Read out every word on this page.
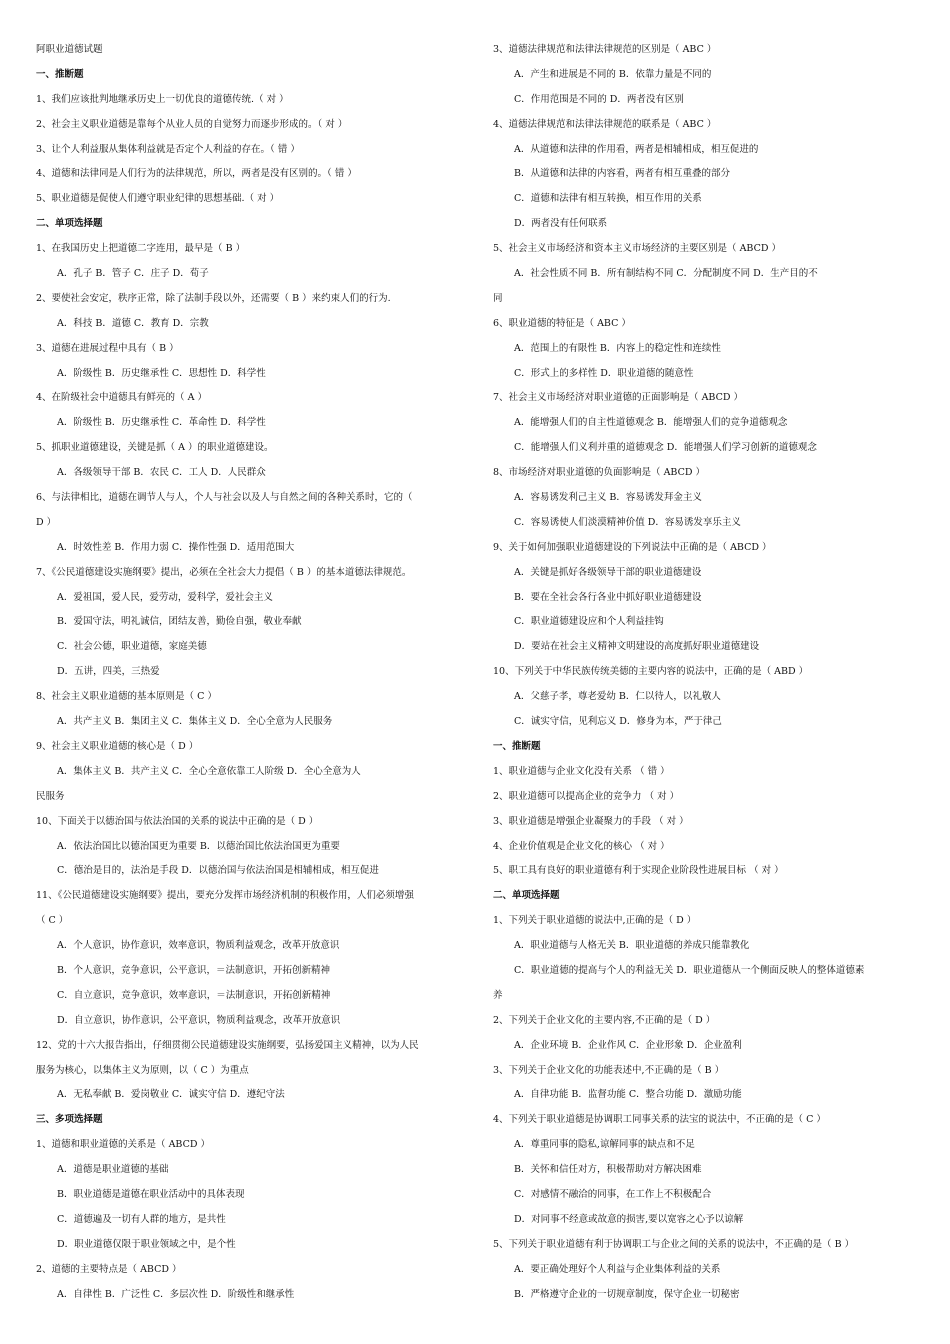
阿职业道德试题
一、推断题
1、我们应该批判地继承历史上一切优良的道德传统.（ 对 ）
2、社会主义职业道德是靠每个从业人员的自觉努力而逐步形成的。（ 对 ）
3、让个人利益服从集体利益就是否定个人利益的存在。（ 错 ）
4、道德和法律同是人们行为的法律规范，所以，两者是没有区别的。（ 错 ）
5、职业道德是促使人们遵守职业纪律的思想基础.（ 对 ）
二、单项选择题
1、在我国历史上把道德二字连用，最早是（ B ）
A．孔子 B．管子 C．庄子 D．荀子
2、要使社会安定，秩序正常，除了法制手段以外，还需要（ B ）来约束人们的行为.
A．科技 B．道德 C．教育 D．宗教
3、道德在进展过程中具有（ B ）
A．阶级性 B．历史继承性 C．思想性 D．科学性
4、在阶级社会中道德具有鲜亮的（ A ）
A．阶级性 B．历史继承性 C．革命性 D．科学性
5、抓职业道德建设，关键是抓（ A ）的职业道德建设。
A．各级领导干部 B．农民 C．工人 D．人民群众
6、与法律相比，道德在调节人与人，个人与社会以及人与自然之间的各种关系时，它的（
D ）
A．时效性差 B．作用力弱 C．操作性强 D．适用范围大
7、《公民道德建设实施纲要》提出，必须在全社会大力提倡（ B ）的基本道德法律规范。
A．爱祖国，爱人民，爱劳动，爱科学，爱社会主义
B．爱国守法，明礼诚信，团结友善，勤俭自强，敬业奉献
C．社会公德，职业道德，家庭美德
D．五讲，四美，三热爱
8、社会主义职业道德的基本原则是（ C ）
A．共产主义 B．集团主义 C．集体主义 D．全心全意为人民服务
9、社会主义职业道德的核心是（ D ）
A．集体主义 B．共产主义 C．全心全意依靠工人阶级 D．全心全意为人
民服务
10、下面关于以德治国与依法治国的关系的说法中正确的是（ D ）
A．依法治国比以德治国更为重要 B．以德治国比依法治国更为重要
C．德治是目的，法治是手段 D．以德治国与依法治国是相辅相成，相互促进
11、《公民道德建设实施纲要》提出，要充分发挥市场经济机制的积极作用，人们必须增强
（ C ）
A．个人意识，协作意识，效率意识，物质利益观念，改革开放意识
B．个人意识，竞争意识，公平意识，＝法制意识，开拓创新精神
C．自立意识，竞争意识，效率意识，＝法制意识，开拓创新精神
D．自立意识，协作意识，公平意识，物质利益观念，改革开放意识
12、党的十六大报告指出，仔细贯彻公民道德建设实施纲要，弘扬爱国主义精神，以为人民
服务为核心，以集体主义为原则，以（ C ）为重点
A．无私奉献 B．爱岗敬业 C．诚实守信 D．遵纪守法
三、多项选择题
1、道德和职业道德的关系是（ ABCD ）
A．道德是职业道德的基础
B．职业道德是道德在职业活动中的具体表现
C．道德遍及一切有人群的地方，是共性
D．职业道德仅限于职业领域之中，是个性
2、道德的主要特点是（ ABCD ）
A．自律性 B．广泛性 C．多层次性 D．阶级性和继承性
3、道德法律规范和法律法律规范的区别是（ ABC ）
A．产生和进展是不同的 B．依靠力量是不同的
C．作用范围是不同的 D．两者没有区别
4、道德法律规范和法律法律规范的联系是（ ABC ）
A．从道德和法律的作用看，两者是相辅相成，相互促进的
B．从道德和法律的内容看，两者有相互重叠的部分
C．道德和法律有相互转换，相互作用的关系
D．两者没有任何联系
5、社会主义市场经济和资本主义市场经济的主要区别是（ ABCD ）
A．社会性质不同 B．所有制结构不同 C．分配制度不同 D．生产目的不
同
6、职业道德的特征是（ ABC ）
A．范围上的有限性 B．内容上的稳定性和连续性
C．形式上的多样性 D．职业道德的随意性
7、社会主义市场经济对职业道德的正面影响是（ ABCD ）
A．能增强人们的自主性道德观念 B．能增强人们的竞争道德观念
C．能增强人们义利并重的道德观念 D．能增强人们学习创新的道德观念
8、市场经济对职业道德的负面影响是（ ABCD ）
A．容易诱发利己主义 B．容易诱发拜金主义
C．容易诱使人们淡漠精神价值 D．容易诱发享乐主义
9、关于如何加强职业道德建设的下列说法中正确的是（ ABCD ）
A．关键是抓好各级领导干部的职业道德建设
B．要在全社会各行各业中抓好职业道德建设
C．职业道德建设应和个人利益挂钩
D．要站在社会主义精神文明建设的高度抓好职业道德建设
10、下列关于中华民族传统美德的主要内容的说法中，正确的是（ ABD ）
A．父慈子孝，尊老爱幼 B．仁以待人，以礼敬人
C．诚实守信，见利忘义 D．修身为本，严于律己
一、推断题
1、职业道德与企业文化没有关系 （ 错 ）
2、职业道德可以提高企业的竞争力 （ 对 ）
3、职业道德是增强企业凝聚力的手段 （ 对 ）
4、企业价值观是企业文化的核心 （ 对 ）
5、职工具有良好的职业道德有利于实现企业阶段性进展目标 （ 对 ）
二、单项选择题
1、下列关于职业道德的说法中,正确的是（ D ）
A．职业道德与人格无关 B．职业道德的养成只能靠教化
C．职业道德的提高与个人的利益无关 D．职业道德从一个侧面反映人的整体道德素
养
2、下列关于企业文化的主要内容,不正确的是（ D ）
A．企业环境 B．企业作风 C．企业形象 D．企业盈利
3、下列关于企业文化的功能表述中,不正确的是（ B ）
A．自律功能 B．监督功能 C．整合功能 D．激励功能
4、下列关于职业道德是协调职工同事关系的法宝的说法中，不正确的是（ C ）
A．尊重同事的隐私,谅解同事的缺点和不足
B．关怀和信任对方，积极帮助对方解决困难
C．对感情不融洽的同事，在工作上不积极配合
D．对同事不经意或故意的损害,要以宽容之心予以谅解
5、下列关于职业道德有利于协调职工与企业之间的关系的说法中，不正确的是（ B ）
A．要正确处理好个人利益与企业集体利益的关系
B．严格遵守企业的一切规章制度，保守企业一切秘密
